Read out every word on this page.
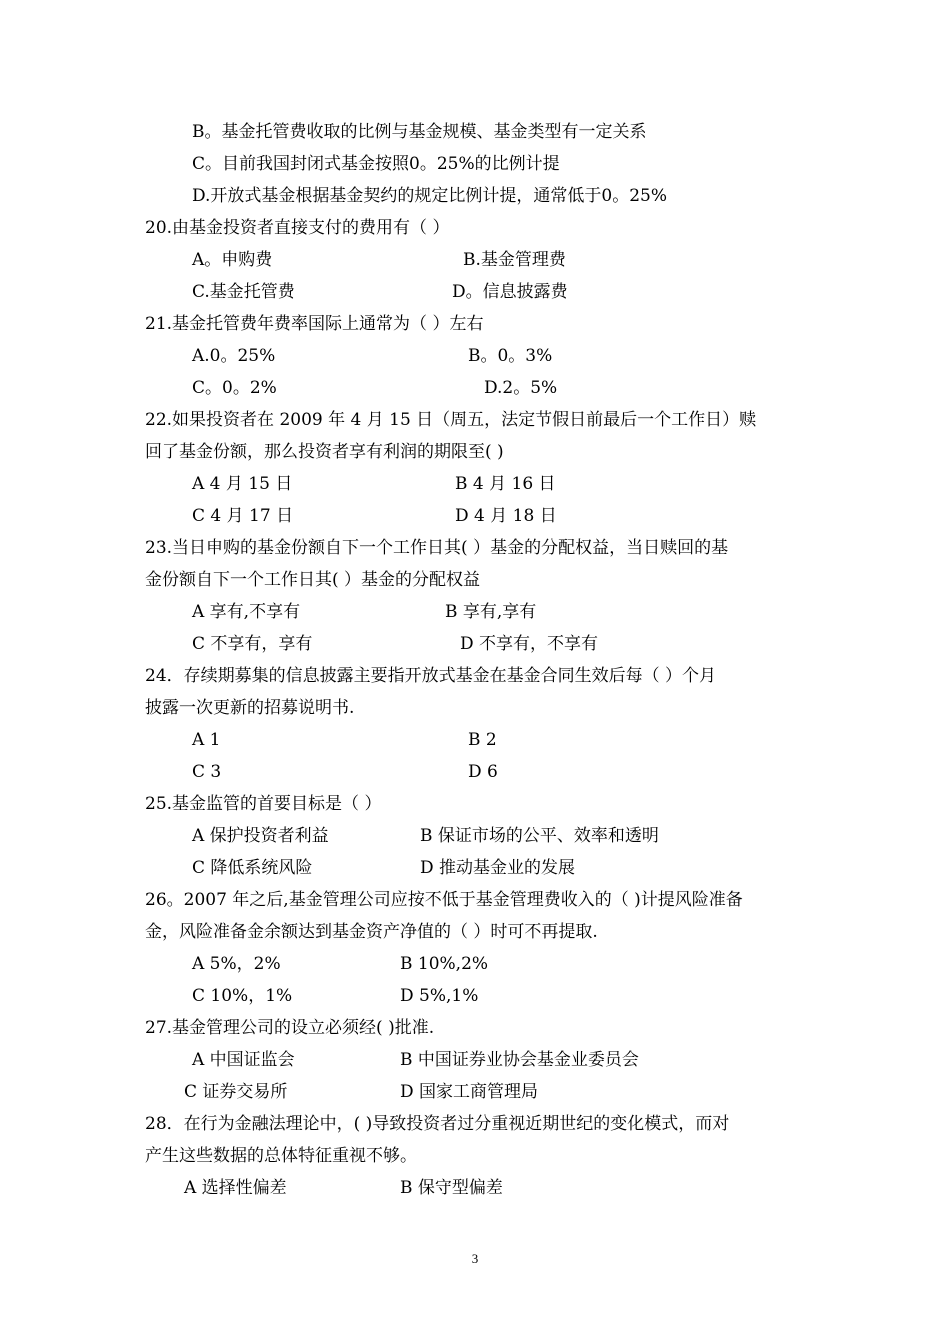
B。基金托管费收取的比例与基金规模、基金类型有一定关系
C。目前我国封闭式基金按照0。25%的比例计提
D.开放式基金根据基金契约的规定比例计提，通常低于0。25%
20.由基金投资者直接支付的费用有（ ）
A。申购费	B.基金管理费
C.基金托管费	D。信息披露费
21.基金托管费年费率国际上通常为（ ）左右
A.0。25%	B。0。3%
C。0。2%	D.2。5%
22.如果投资者在 2009 年 4 月 15 日（周五，法定节假日前最后一个工作日）赎
回了基金份额，那么投资者享有利润的期限至( )
A 4 月 15 日	B 4 月 16 日
C 4 月 17 日	D 4 月 18 日
23.当日申购的基金份额自下一个工作日其( ）基金的分配权益，当日赎回的基
金份额自下一个工作日其( ）基金的分配权益
A 享有,不享有	B 享有,享有
C 不享有，享有	D 不享有，不享有
24．存续期募集的信息披露主要指开放式基金在基金合同生效后每（ ）个月
披露一次更新的招募说明书.
A 1	B 2
C 3	D 6
25.基金监管的首要目标是（ ）
A 保护投资者利益	B 保证市场的公平、效率和透明
C 降低系统风险	D 推动基金业的发展
26。2007 年之后,基金管理公司应按不低于基金管理费收入的（ )计提风险准备
金，风险准备金余额达到基金资产净值的（ ）时可不再提取.
A 5%，2%	B 10%,2%
C 10%，1%	D 5%,1%
27.基金管理公司的设立必须经( )批准.
A 中国证监会	B 中国证券业协会基金业委员会
C 证券交易所	D 国家工商管理局
28．在行为金融法理论中，( )导致投资者过分重视近期世纪的变化模式，而对
产生这些数据的总体特征重视不够。
A 选择性偏差	B 保守型偏差
3
